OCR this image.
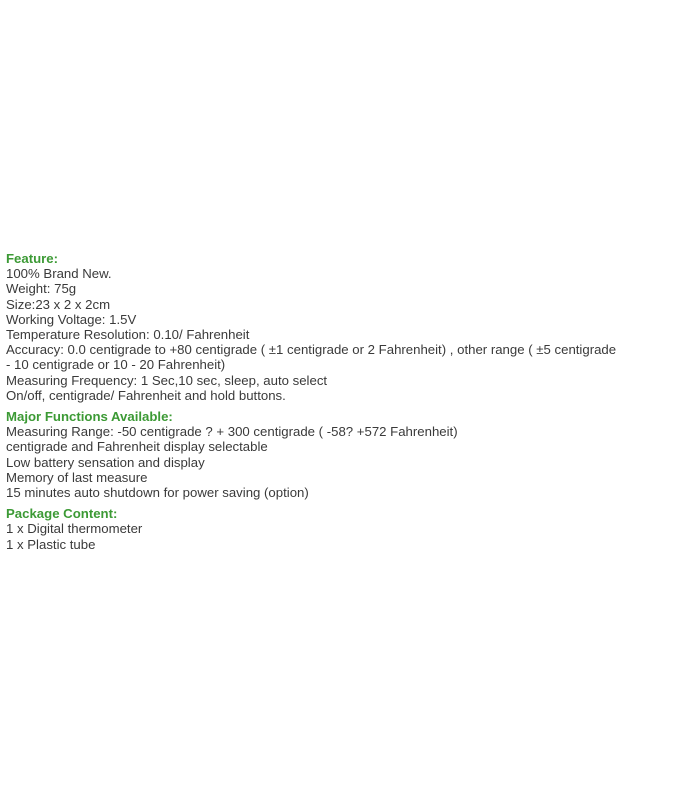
Feature:
100% Brand New.
Weight: 75g
Size:23 x 2 x 2cm
Working Voltage: 1.5V
Temperature Resolution: 0.10/ Fahrenheit
Accuracy: 0.0 centigrade to +80 centigrade ( ±1 centigrade or 2 Fahrenheit) , other range ( ±5 centigrade
- 10 centigrade or 10 - 20 Fahrenheit)
Measuring Frequency: 1 Sec,10 sec, sleep, auto select
On/off, centigrade/ Fahrenheit and hold buttons.
Major Functions Available:
Measuring Range: -50 centigrade ? + 300 centigrade ( -58? +572 Fahrenheit)
centigrade and Fahrenheit display selectable
Low battery sensation and display
Memory of last measure
15 minutes auto shutdown for power saving (option)
Package Content:
1 x Digital thermometer
1 x Plastic tube
